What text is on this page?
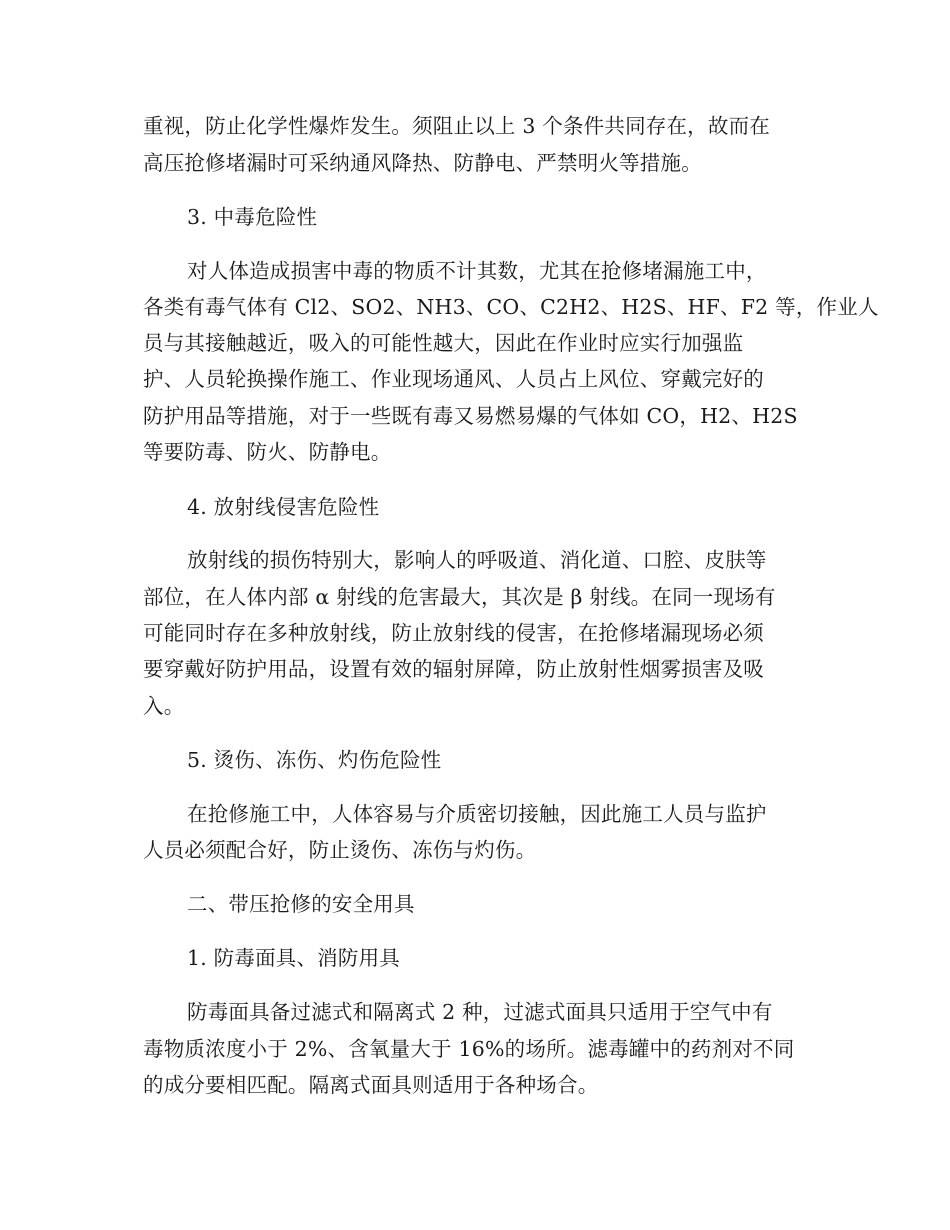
重视，防止化学性爆炸发生。须阻止以上 3 个条件共同存在，故而在
高压抢修堵漏时可采纳通风降热、防静电、严禁明火等措施。
3. 中毒危险性
对人体造成损害中毒的物质不计其数，尤其在抢修堵漏施工中，
各类有毒气体有 Cl2、SO2、NH3、CO、C2H2、H2S、HF、F2 等，作业人
员与其接触越近，吸入的可能性越大，因此在作业时应实行加强监
护、人员轮换操作施工、作业现场通风、人员占上风位、穿戴完好的
防护用品等措施，对于一些既有毒又易燃易爆的气体如 CO，H2、H2S
等要防毒、防火、防静电。
4. 放射线侵害危险性
放射线的损伤特别大，影响人的呼吸道、消化道、口腔、皮肤等
部位，在人体内部 α 射线的危害最大，其次是 β 射线。在同一现场有
可能同时存在多种放射线，防止放射线的侵害，在抢修堵漏现场必须
要穿戴好防护用品，设置有效的辐射屏障，防止放射性烟雾损害及吸
入。
5. 烫伤、冻伤、灼伤危险性
在抢修施工中，人体容易与介质密切接触，因此施工人员与监护
人员必须配合好，防止烫伤、冻伤与灼伤。
二、带压抢修的安全用具
1. 防毒面具、消防用具
防毒面具备过滤式和隔离式 2 种，过滤式面具只适用于空气中有
毒物质浓度小于 2%、含氧量大于 16%的场所。滤毒罐中的药剂对不同
的成分要相匹配。隔离式面具则适用于各种场合。
